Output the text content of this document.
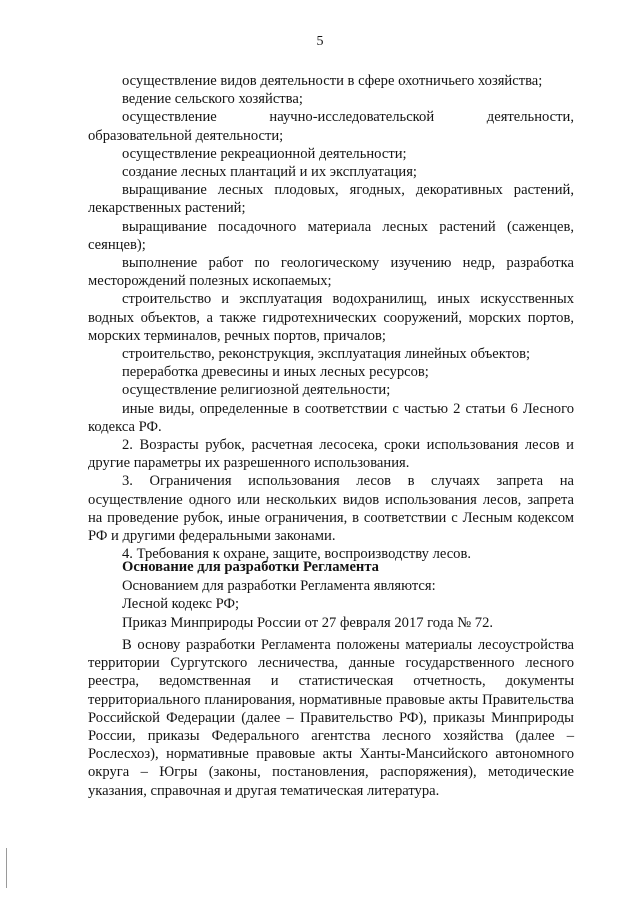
5

осуществление видов деятельности в сфере охотничьего хозяйства;

ведение сельского хозяйства;

осуществление научно-исследовательской деятельности, образовательной деятельности;

осуществление рекреационной деятельности;

создание лесных плантаций и их эксплуатация;

выращивание лесных плодовых, ягодных, декоративных растений, лекарственных растений;

выращивание посадочного материала лесных растений (саженцев, сеянцев);

выполнение работ по геологическому изучению недр, разработка месторождений полезных ископаемых;

строительство и эксплуатация водохранилищ, иных искусственных водных объектов, а также гидротехнических сооружений, морских портов, морских терминалов, речных портов, причалов;

строительство, реконструкция, эксплуатация линейных объектов;

переработка древесины и иных лесных ресурсов;

осуществление религиозной деятельности;

иные виды, определенные в соответствии с частью 2 статьи 6 Лесного кодекса РФ.

2. Возрасты рубок, расчетная лесосека, сроки использования лесов и другие параметры их разрешенного использования.

3. Ограничения использования лесов в случаях запрета на осуществление одного или нескольких видов использования лесов, запрета на проведение рубок, иные ограничения, в соответствии с Лесным кодексом РФ и другими федеральными законами.

4. Требования к охране, защите, воспроизводству лесов.

Основание для разработки Регламента

Основанием для разработки Регламента являются:

Лесной кодекс РФ;

Приказ Минприроды России от 27 февраля 2017 года № 72.

В основу разработки Регламента положены материалы лесоустройства территории Сургутского лесничества, данные государственного лесного реестра, ведомственная и статистическая отчетность, документы территориального планирования, нормативные правовые акты Правительства Российской Федерации (далее – Правительство РФ), приказы Минприроды России, приказы Федерального агентства лесного хозяйства (далее – Рослесхоз), нормативные правовые акты Ханты-Мансийского автономного округа – Югры (законы, постановления, распоряжения), методические указания, справочная и другая тематическая литература.
